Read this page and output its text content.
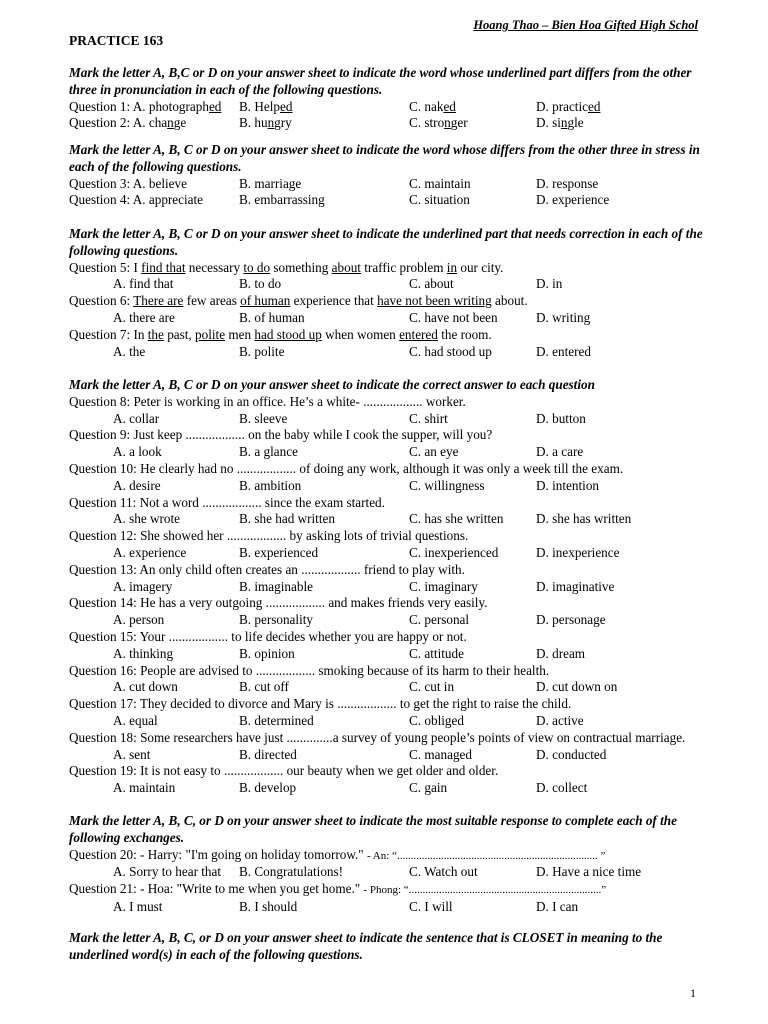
Hoang Thao – Bien Hoa Gifted High Schol
PRACTICE 163
Mark the letter A, B,C or D on your answer sheet to indicate the word whose underlined part differs from the other three in pronunciation in each of the following questions.
Question 1: A. photographed B. Helped	C. naked	D. practiced
Question 2: A. change	B. hungry	C. stronger	D. single
Mark the letter A, B, C or D on your answer sheet to indicate the word whose differs from the other three in stress in each of the following questions.
Question 3: A. believe	B. marriage	C. maintain	D. response
Question 4: A. appreciate	B. embarrassing	C. situation	D. experience
Mark the letter A, B, C or D on your answer sheet to indicate the underlined part that needs correction in each of the following questions.
Question 5: I find that necessary to do something about traffic problem in our city.
A. find that	B. to do	C. about	D. in
Question 6: There are few areas of human experience that have not been writing about.
A. there are	B. of human	C. have not been	D. writing
Question 7: In the past, polite men had stood up when women entered the room.
A. the	B. polite	C. had stood up	D. entered
Mark the letter A, B, C or D on your answer sheet to indicate the correct answer to each question
Question 8: Peter is working in an office. He’s a white- .................. worker.
A. collar	B. sleeve	C. shirt	D. button
Question 9: Just keep .................. on the baby while I cook the supper, will you?
A. a look	B. a glance	C. an eye	D. a care
Question 10: He clearly had no .................. of doing any work, although it was only a week till the exam.
A. desire	B. ambition	C. willingness	D. intention
Question 11: Not a word .................. since the exam started.
A. she wrote	B. she had written	C. has she written D. she has written
Question 12: She showed her .................. by asking lots of trivial questions.
A. experience	B. experienced	C. inexperienced	D. inexperience
Question 13: An only child often creates an .................. friend to play with.
A. imagery	B. imaginable	C. imaginary	D. imaginative
Question 14: He has a very outgoing .................. and makes friends very easily.
A. person	B. personality	C. personal	D. personage
Question 15: Your .................. to life decides whether you are happy or not.
A. thinking	B. opinion	C. attitude	D. dream
Question 16: People are advised to .................. smoking because of its harm to their health.
A. cut down	B. cut off	C. cut in	D. cut down on
Question 17: They decided to divorce and Mary is .................. to get the right to raise the child.
A. equal	B. determined	C. obliged	D. active
Question 18: Some researchers have just ..............a survey of young people’s points of view on contractual marriage.
A. sent	B. directed	C. managed	D. conducted
Question 19: It is not easy to .................. our beauty when we get older and older.
A. maintain	B. develop	C. gain	D. collect
Mark the letter A, B, C, or D on your answer sheet to indicate the most suitable response to complete each of the following exchanges.
Question 20: - Harry: "I'm going on holiday tomorrow." - An: “......................................................................... ”
A. Sorry to hear that B. Congratulations!	C. Watch out	D. Have a nice time
Question 21: - Hoa: "Write to me when you get home." - Phong: “......................................................................”
A. I must	B. I should	C. I will	D. I can
Mark the letter A, B, C, or D on your answer sheet to indicate the sentence that is CLOSET in meaning to the underlined word(s) in each of the following questions.
1
